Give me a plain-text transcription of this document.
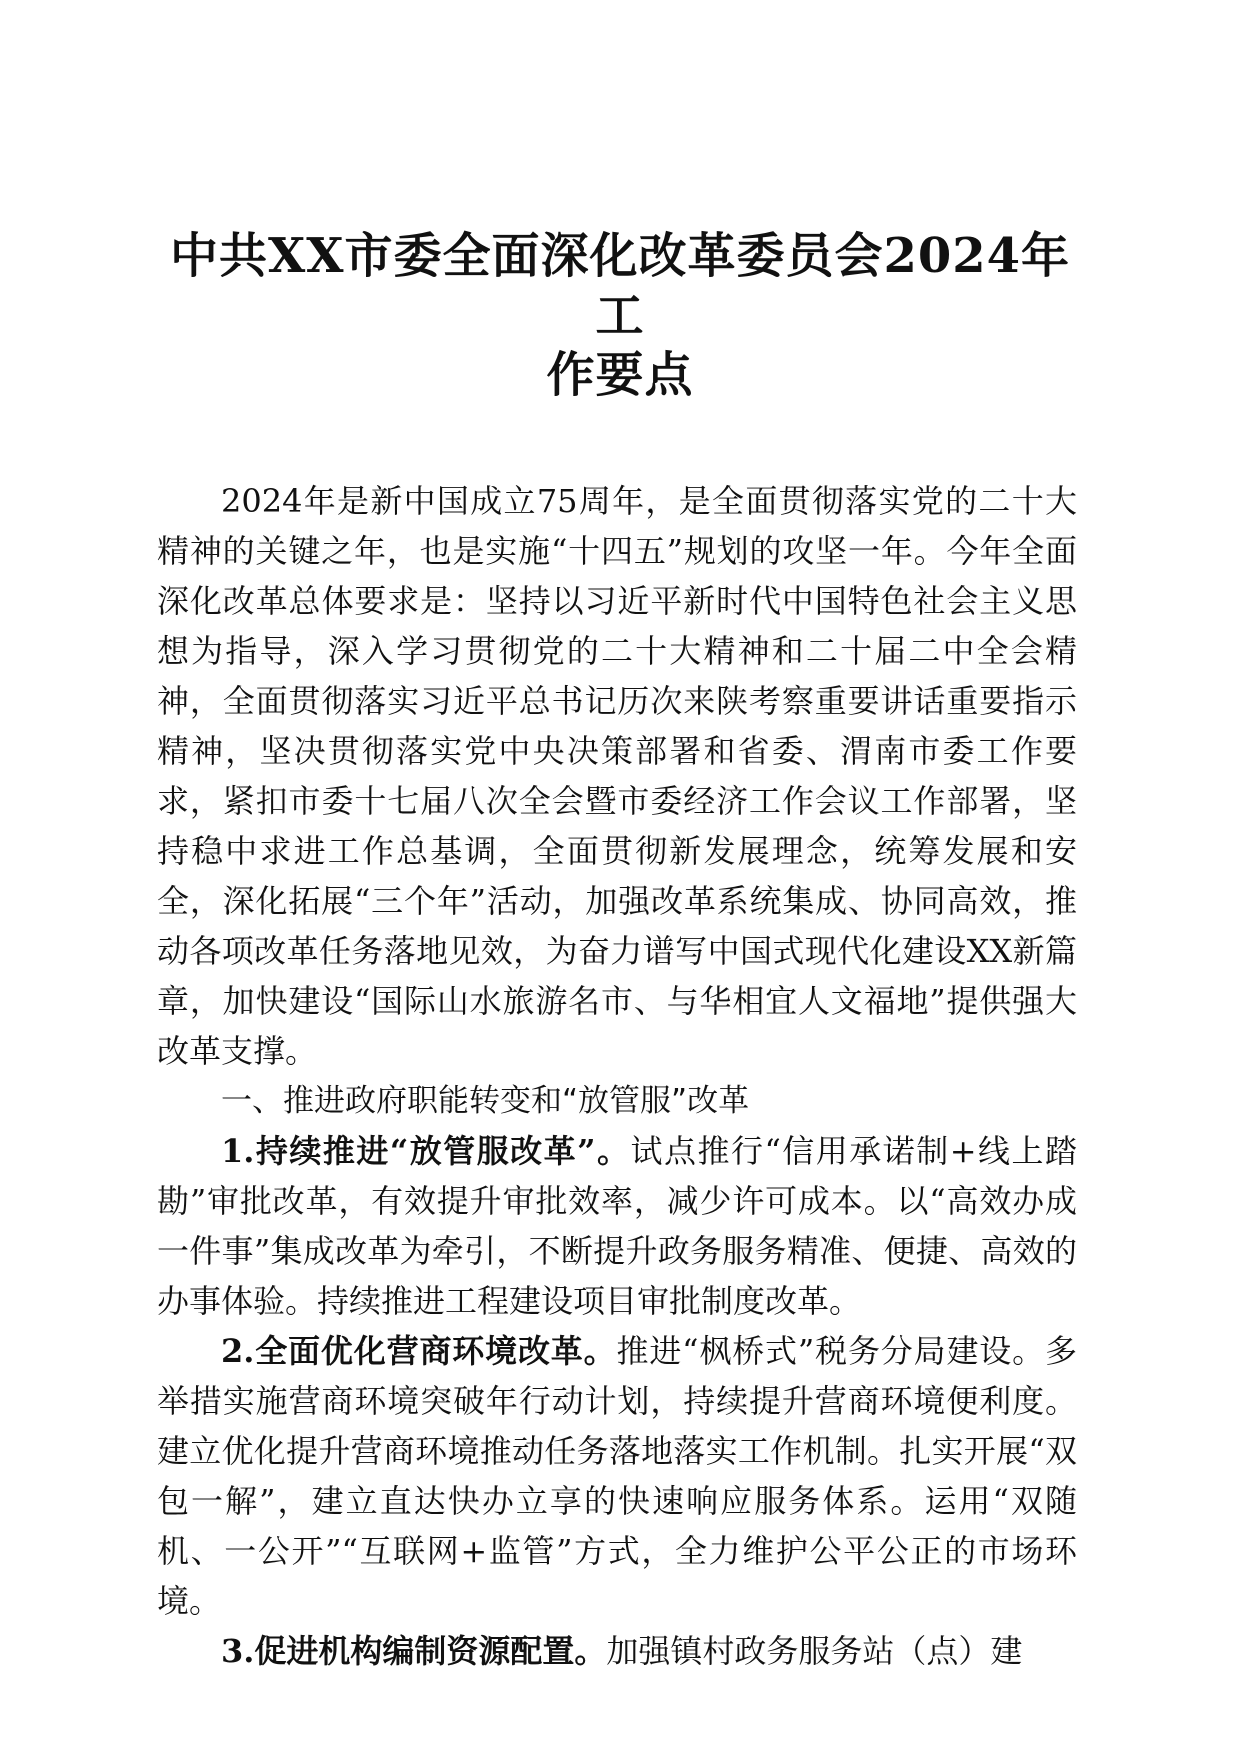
中共XX市委全面深化改革委员会2024年工
作要点

2024年是新中国成立75周年，是全面贯彻落实党的二十大精神的关键之年，也是实施“十四五”规划的攻坚一年。今年全面深化改革总体要求是：坚持以习近平新时代中国特色社会主义思想为指导，深入学习贯彻党的二十大精神和二十届二中全会精神，全面贯彻落实习近平总书记历次来陕考察重要讲话重要指示精神，坚决贯彻落实党中央决策部署和省委、渭南市委工作要求，紧扣市委十七届八次全会暨市委经济工作会议工作部署，坚持稳中求进工作总基调，全面贯彻新发展理念，统筹发展和安全，深化拓展“三个年”活动，加强改革系统集成、协同高效，推动各项改革任务落地见效，为奋力谱写中国式现代化建设XX新篇章，加快建设“国际山水旅游名市、与华相宜人文福地”提供强大改革支撑。

一、推进政府职能转变和“放管服”改革

1.持续推进“放管服改革”。试点推行“信用承诺制+线上踏勘”审批改革，有效提升审批效率，减少许可成本。以“高效办成一件事”集成改革为牵引，不断提升政务服务精准、便捷、高效的办事体验。持续推进工程建设项目审批制度改革。

2.全面优化营商环境改革。推进“枫桥式”税务分局建设。多举措实施营商环境突破年行动计划，持续提升营商环境便利度。建立优化提升营商环境推动任务落地落实工作机制。扎实开展“双包一解”，建立直达快办立享的快速响应服务体系。运用“双随机、一公开”“互联网+监管”方式，全力维护公平公正的市场环境。

3.促进机构编制资源配置。加强镇村政务服务站（点）建
